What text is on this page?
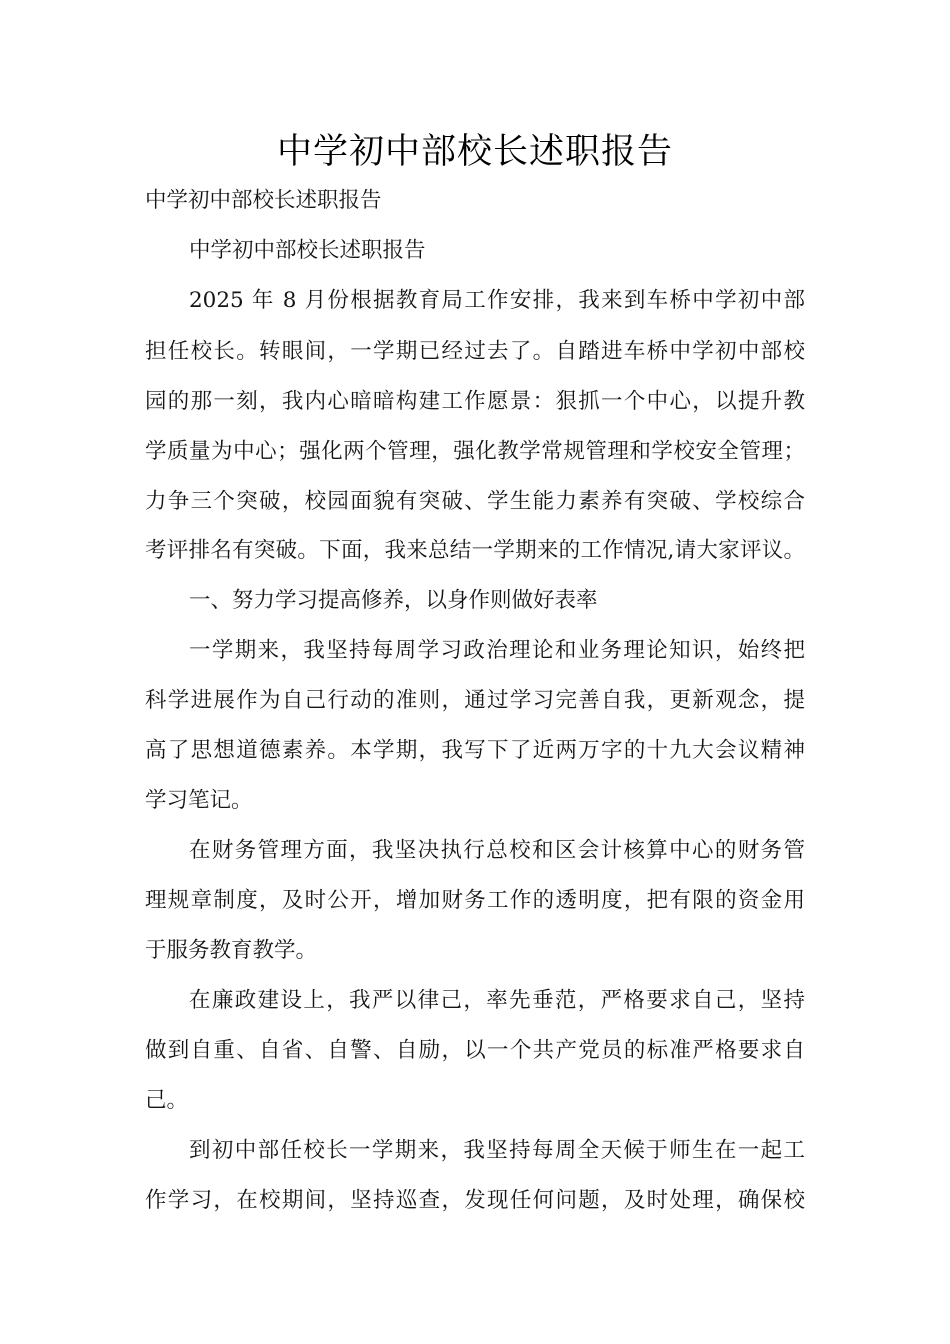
中学初中部校长述职报告
中学初中部校长述职报告
中学初中部校长述职报告
2025 年 8 月份根据教育局工作安排，我来到车桥中学初中部
担任校长。转眼间，一学期已经过去了。自踏进车桥中学初中部校
园的那一刻，我内心暗暗构建工作愿景：狠抓一个中心，以提升教
学质量为中心；强化两个管理，强化教学常规管理和学校安全管理；
力争三个突破，校园面貌有突破、学生能力素养有突破、学校综合
考评排名有突破。下面，我来总结一学期来的工作情况,请大家评议。
一、努力学习提高修养，以身作则做好表率
一学期来，我坚持每周学习政治理论和业务理论知识，始终把
科学进展作为自己行动的准则，通过学习完善自我，更新观念，提
高了思想道德素养。本学期，我写下了近两万字的十九大会议精神
学习笔记。
在财务管理方面，我坚决执行总校和区会计核算中心的财务管
理规章制度，及时公开，增加财务工作的透明度，把有限的资金用
于服务教育教学。
在廉政建设上，我严以律己，率先垂范，严格要求自己，坚持
做到自重、自省、自警、自励，以一个共产党员的标准严格要求自
己。
到初中部任校长一学期来，我坚持每周全天候于师生在一起工
作学习，在校期间，坚持巡查，发现任何问题，及时处理，确保校
